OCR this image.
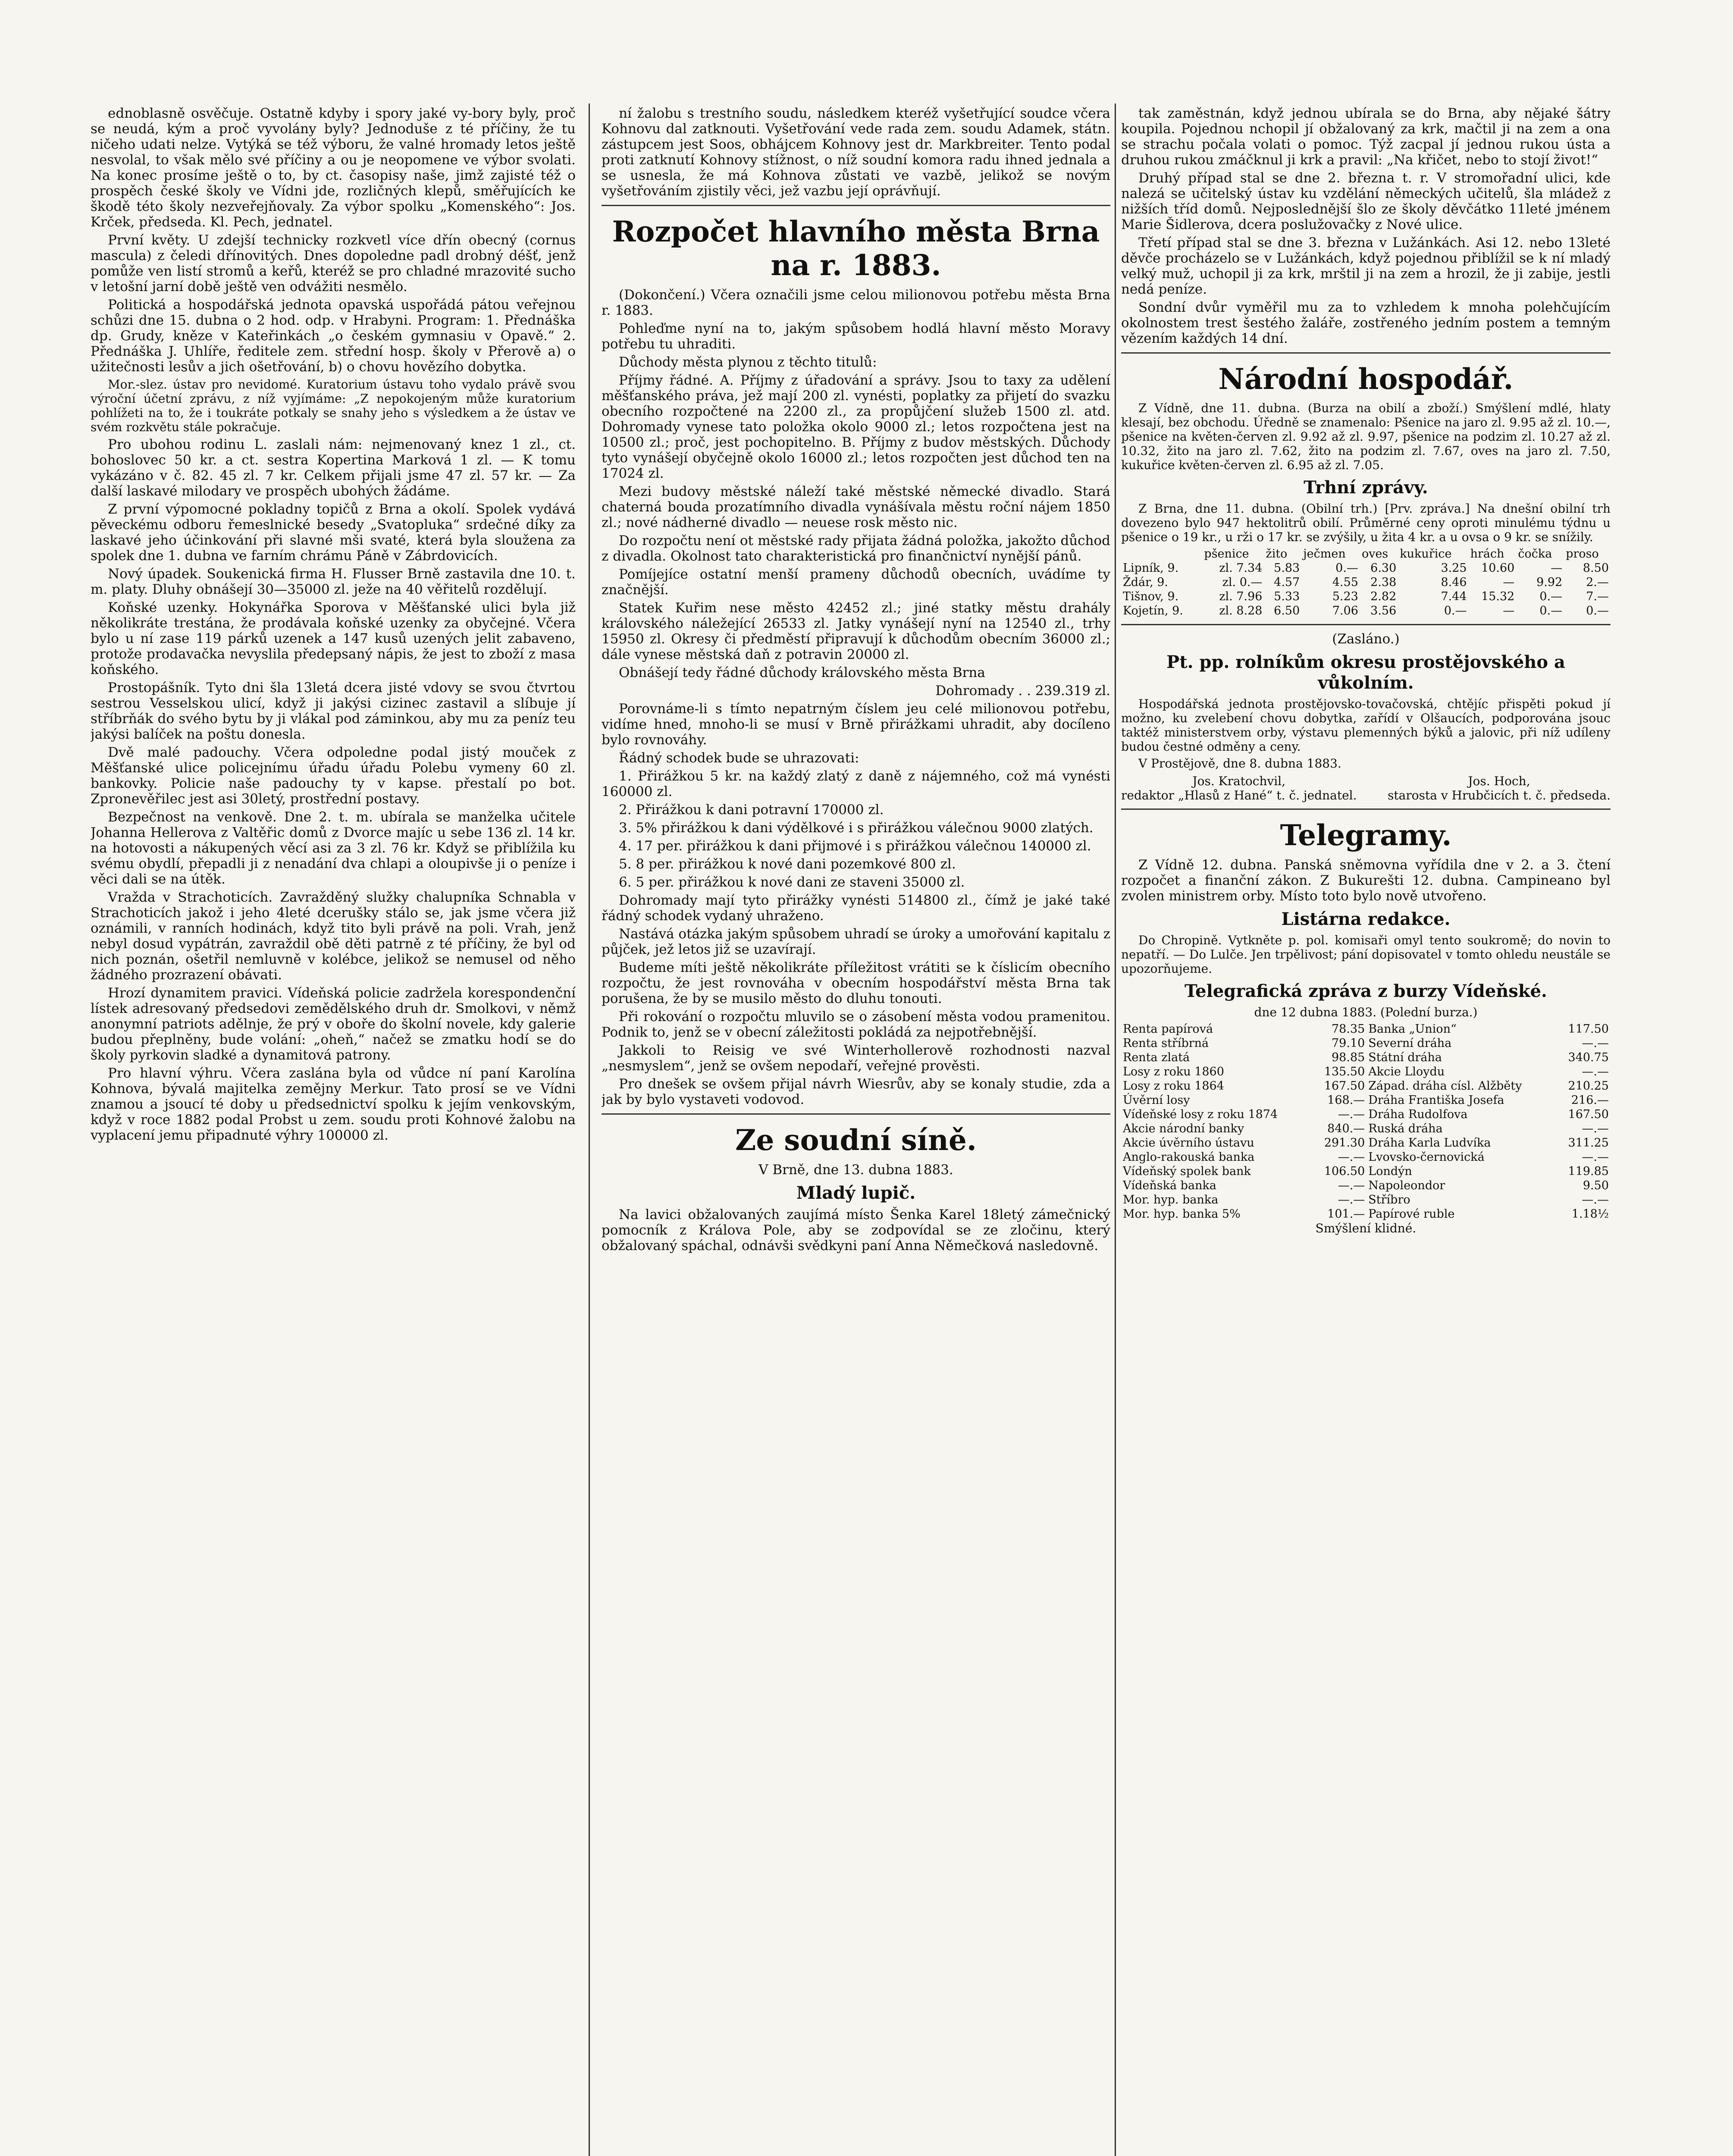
ednoblasně osvěčuje. Ostatně kdyby i spory jaké vy-bory byly, proč se neudá, kým a proč vyvolány byly? Jednoduše z té příčiny, že tu ničeho udati nelze. Vytýká se též výboru, že valné hromady letos ještě nesvolal, to však mělo své příčiny a ou je neopomene ve výbor svolati. Na konec prosíme ještě o to, by ct. časopisy naše, jimž zajisté též o prospěch české školy ve Vídni jde, rozličných klepů, směřujících ke škodě této školy nezveřejňovaly. Za výbor spolku „Komenského“: Jos. Krček, předseda. Kl. Pech, jednatel.

První květy. U zdejší technicky rozkvetl více dřín obecný (cornus mascula) z čeledi dřínovitých. Dnes dopoledne padl drobný déšť, jenž pomůže ven listí stromů a keřů, kteréž se pro chladné mrazovité sucho v letošní jarní době ještě ven odvážiti nesmělo.

Politická a hospodářská jednota opavská uspořádá pátou veřejnou schůzi dne 15. dubna o 2 hod. odp. v Hrabyni. Program: 1. Přednáška dp. Grudy, kněze v Kateřinkách „o českém gymnasiu v Opavě.“ 2. Přednáška J. Uhlíře, ředitele zem. střední hosp. školy v Přerově a) o užitečnosti lesův a jich ošetřování, b) o chovu hovězího dobytka.

Mor.-slez. ústav pro nevidomé. Kuratorium ústavu toho vydalo právě svou výroční účetní zprávu, z níž vyjímáme: „Z nepokojeným může kuratorium pohlížeti na to, že i toukráte potkaly se snahy jeho s výsledkem a že ústav ve svém rozkvětu stále pokračuje.

Pro ubohou rodinu L. zaslali nám: nejmenovaný knez 1 zl., ct. bohoslovec 50 kr. a ct. sestra Kopertina Marková 1 zl. — K tomu vykázáno v č. 82. 45 zl. 7 kr. Celkem přijali jsme 47 zl. 57 kr. — Za další laskavé milodary ve prospěch ubohých žádáme.

Z první výpomocné pokladny topičů z Brna a okolí. Spolek vydává pěveckému odboru řemeslnické besedy „Svatopluka“ srdečné díky za laskavé jeho účinkování při slavné mši svaté, která byla sloužena za spolek dne 1. dubna ve farním chrámu Páně v Zábrdovicích.

Nový úpadek. Soukenická firma H. Flusser Brně zastavila dne 10. t. m. platy. Dluhy obnášejí 30—35000 zl. ježe na 40 věřitelů rozdělují.

Koňské uzenky. Hokynářka Sporova v Měšťanské ulici byla již několikráte trestána, že prodávala koňské uzenky za obyčejné. Včera bylo u ní zase 119 párků uzenek a 147 kusů uzených jelit zabaveno, protože prodavačka nevyslila předepsaný nápis, že jest to zboží z masa koňského.

Prostopášník. Tyto dni šla 13letá dcera jisté vdovy se svou čtvrtou sestrou Vesselskou ulicí, když ji jakýsi cizinec zastavil a slíbuje jí stříbrňák do svého bytu by ji vlákal pod záminkou, aby mu za peníz teu jakýsi balíček na poštu donesla.

Dvě malé padouchy. Včera odpoledne podal jistý mouček z Měšťanské ulice policejnímu úřadu úřadu Polebu vymeny 60 zl. bankovky. Policie naše padouchy ty v kapse. přestalí po bot. Zpronevěřilec jest asi 30letý, prostřední postavy.

Bezpečnost na venkově. Dne 2. t. m. ubírala se manželka učitele Johanna Hellerova z Valtěřic domů z Dvorce majíc u sebe 136 zl. 14 kr. na hotovosti a nákupených věcí asi za 3 zl. 76 kr. Když se přiblížila ku svému obydlí, přepadli ji z nenadání dva chlapi a oloupivše ji o peníze i věci dali se na útěk.

Vražda v Strachoticích. Zavražděný služky chalupníka Schnabla v Strachoticích jakož i jeho 4leté dcerušky stálo se, jak jsme včera již oznámili, v ranních hodinách, když tito byli právě na poli. Vrah, jenž nebyl dosud vypátrán, zavraždil obě děti patrně z té příčiny, že byl od nich poznán, ošetřil nemluvně v kolébce, jelikož se nemusel od něho žádného prozrazení obávati.

Hrozí dynamitem pravici. Vídeňská policie zadržela korespondenční lístek adresovaný předsedovi zemědělského druh dr. Smolkovi, v němž anonymní patriots adělnje, že prý v oboře do školní novele, kdy galerie budou přeplněny, bude volání: „oheň,“ načež se zmatku hodí se do školy pyrkovin sladké a dynamitová patrony.

Pro hlavní výhru. Včera zaslána byla od vůdce ní paní Karolína Kohnova, bývalá majitelka zemějny Merkur. Tato prosí se ve Vídni znamou a jsoucí té doby u předsednictví spolku k jejím venkovským, když v roce 1882 podal Probst u zem. soudu proti Kohnové žalobu na vyplacení jemu připadnuté výhry 100000 zl.

ní žalobu s trestního soudu, následkem kteréž vyšetřující soudce včera Kohnovu dal zatknouti. Vyšetřování vede rada zem. soudu Adamek, státn. zástupcem jest Soos, obhájcem Kohnovy jest dr. Markbreiter. Tento podal proti zatknutí Kohnovy stížnost, o níž soudní komora radu ihned jednala a se usnesla, že má Kohnova zůstati ve vazbě, jelikož se novým vyšetřováním zjistily věci, jež vazbu její oprávňují.

Rozpočet hlavního města Brna na r. 1883.

(Dokončení.) Včera označili jsme celou milionovou potřebu města Brna r. 1883.

Pohleďme nyní na to, jakým spůsobem hodlá hlavní město Moravy potřebu tu uhraditi.

Důchody města plynou z těchto titulů:

Příjmy řádné. A. Příjmy z úřadování a správy. Jsou to taxy za udělení měšťanského práva, jež mají 200 zl. vynésti, poplatky za přijetí do svazku obecního rozpočtené na 2200 zl., za propůjčení služeb 1500 zl. atd. Dohromady vynese tato položka okolo 9000 zl.; letos rozpočtena jest na 10500 zl.; proč, jest pochopitelno. B. Příjmy z budov městských. Důchody tyto vynášejí obyčejně okolo 16000 zl.; letos rozpočten jest důchod ten na 17024 zl.

Mezi budovy městské náleží také městské německé divadlo. Stará chaterná bouda prozatímního divadla vynášívala městu roční nájem 1850 zl.; nové nádherné divadlo — neuese rosk město nic.

Do rozpočtu není ot městské rady přijata žádná položka, jakožto důchod z divadla. Okolnost tato charakteristická pro finančnictví nynější pánů.

Pomíjejíce ostatní menší prameny důchodů obecních, uvádíme ty značnější.

Statek Kuřim nese město 42452 zl.; jiné statky městu drahály královského náležející 26533 zl. Jatky vynášejí nyní na 12540 zl., trhy 15950 zl. Okresy či předměstí připravují k důchodům obecním 36000 zl.; dále vynese městská daň z potravin 20000 zl.

Obnášejí tedy řádné důchody královského města Brna

Dohromady . . 239.319 zl.

Porovnáme-li s tímto nepatrným číslem jeu celé milionovou potřebu, vidíme hned, mnoho-li se musí v Brně přirážkami uhradit, aby docíleno bylo rovnováhy.

Řádný schodek bude se uhrazovati:

1. Přirážkou 5 kr. na každý zlatý z daně z nájemného, což má vynésti 160000 zl.

2. Přirážkou k dani potravní 170000 zl.

3. 5% přirážkou k dani výdělkové i s přirážkou válečnou 9000 zlatých.

4. 17 per. přirážkou k dani přijmové i s přirážkou válečnou 140000 zl.

5. 8 per. přirážkou k nové dani pozemkové 800 zl.

6. 5 per. přirážkou k nové dani ze staveni 35000 zl.

Dohromady mají tyto přirážky vynésti 514800 zl., čímž je jaké také řádný schodek vydaný uhraženo.

Nastává otázka jakým spůsobem uhradí se úroky a umořování kapitalu z půjček, jež letos již se uzavírají.

Budeme míti ještě několikráte příležitost vrátiti se k číslicím obecního rozpočtu, že jest rovnováha v obecním hospodářství města Brna tak porušena, že by se musilo město do dluhu tonouti.

Při rokování o rozpočtu mluvilo se o zásobení města vodou pramenitou. Podnik to, jenž se v obecní záležitosti pokládá za nejpotřebnější.

Jakkoli to Reisig ve své Winterhollerově rozhodnosti nazval „nesmyslem“, jenž se ovšem nepodaří, veřejné prověsti.

Pro dnešek se ovšem přijal návrh Wiesrův, aby se konaly studie, zda a jak by bylo vystaveti vodovod.

Ze soudní síně.

V Brně, dne 13. dubna 1883.

Mladý lupič.

Na lavici obžalovaných zaujímá místo Šenka Karel 18letý zámečnický pomocník z Králova Pole, aby se zodpovídal se ze zločinu, který obžalovaný spáchal, odnávši svědkyni paní Anna Němečková nasledovně.

tak zaměstnán, když jednou ubírala se do Brna, aby nějaké šátry koupila. Pojednou nchopil jí obžalovaný za krk, mačtil ji na zem a ona se strachu počala volati o pomoc. Týž zacpal jí jednou rukou ústa a druhou rukou zmáčknul ji krk a pravil: „Na křičet, nebo to stojí život!“

Druhý případ stal se dne 2. března t. r. V stromořadní ulici, kde nalezá se učitelský ústav ku vzdělání německých učitelů, šla mládež z nižších tříd domů. Nejposlednější šlo ze školy děvčátko 11leté jménem Marie Šidlerova, dcera poslužovačky z Nové ulice.

Třetí případ stal se dne 3. března v Lužánkách. Asi 12. nebo 13leté děvče procházelo se v Lužánkách, když pojednou přiblížil se k ní mladý velký muž, uchopil ji za krk, mrštil ji na zem a hrozil, že ji zabije, jestli nedá peníze.

Sondní dvůr vyměřil mu za to vzhledem k mnoha polehčujícím okolnostem trest šestého žaláře, zostřeného jedním postem a temným vězením každých 14 dní.

Národní hospodář.

Z Vídně, dne 11. dubna. (Burza na obilí a zboží.) Smýšlení mdlé, hlaty klesají, bez obchodu. Úředně se znamenalo: Pšenice na jaro zl. 9.95 až zl. 10.—, pšenice na květen-červen zl. 9.92 až zl. 9.97, pšenice na podzim zl. 10.27 až zl. 10.32, žito na jaro zl. 7.62, žito na podzim zl. 7.67, oves na jaro zl. 7.50, kukuřice květen-červen zl. 6.95 až zl. 7.05.

Trhní zprávy.

Z Brna, dne 11. dubna. (Obilní trh.) [Prv. zpráva.] Na dnešní obilní trh dovezeno bylo 947 hektolitrů obilí. Průměrné ceny oproti minulému týdnu u pšenice o 19 kr., u rži o 17 kr. se zvýšily, u žita 4 kr. a u ovsa o 9 kr. se snížily.

	pšenice	žito	ječmen	oves	kukuřice	hrách	čočka	proso
Lipník, 9.	zl. 7.34	5.83	0.—	6.30	3.25	10.60	—	8.50
Ždár, 9.	zl. 0.—	4.57	4.55	2.38	8.46	—	9.92	2.—
Tišnov, 9.	zl. 7.96	5.33	5.23	2.82	7.44	15.32	0.—	7.—
Kojetín, 9.	zl. 8.28	6.50	7.06	3.56	0.—	—	0.—	0.—

(Zasláno.)

Pt. pp. rolníkům okresu prostějovského a vůkolním.

Hospodářská jednota prostějovsko-tovačovská, chtějíc přispěti pokud jí možno, ku zvelebení chovu dobytka, zařídí v Olšaucích, podporována jsouc taktéž ministerstvem orby, výstavu plemenných býků a jalovic, při níž udíleny budou čestné odměny a ceny.

V Prostějově, dne 8. dubna 1883.

Jos. Kratochvil,
redaktor „Hlasů z Hané“ t. č. jednatel.
Jos. Hoch,
starosta v Hrubčicích t. č. předseda.
Telegramy.

Z Vídně 12. dubna. Panská sněmovna vyřídila dne v 2. a 3. čtení rozpočet a finanční zákon. Z Bukurešti 12. dubna. Campineano byl zvolen ministrem orby. Místo toto bylo nově utvořeno.

Listárna redakce.

Do Chropině. Vytkněte p. pol. komisaři omyl tento soukromě; do novin to nepatří. — Do Lulče. Jen trpělivost; pání dopisovatel v tomto ohledu neustále se upozorňujeme.

Telegrafická zpráva z burzy Vídeňské.

dne 12 dubna 1883. (Polední burza.)

Renta papírová	78.35	Banka „Union“	117.50
Renta stříbrná	79.10	Severní dráha	—.—
Renta zlatá	98.85	Státní dráha	340.75
Losy z roku 1860	135.50	Akcie Lloydu	—.—
Losy z roku 1864	167.50	Západ. dráha císl. Alžběty	210.25
Úvěrní losy	168.—	Dráha Františka Josefa	216.—
Vídeňské losy z roku 1874	—.—	Dráha Rudolfova	167.50
Akcie národní banky	840.—	Ruská dráha	—.—
Akcie úvěrního ústavu	291.30	Dráha Karla Ludvíka	311.25
Anglo-rakouská banka	—.—	Lvovsko-černovická	—.—
Vídeňský spolek bank	106.50	Londýn	119.85
Vídeňská banka	—.—	Napoleondor	9.50
Mor. hyp. banka	—.—	Stříbro	—.—
Mor. hyp. banka 5%	101.—	Papírové ruble	1.18½

Smýšlení klidné.
